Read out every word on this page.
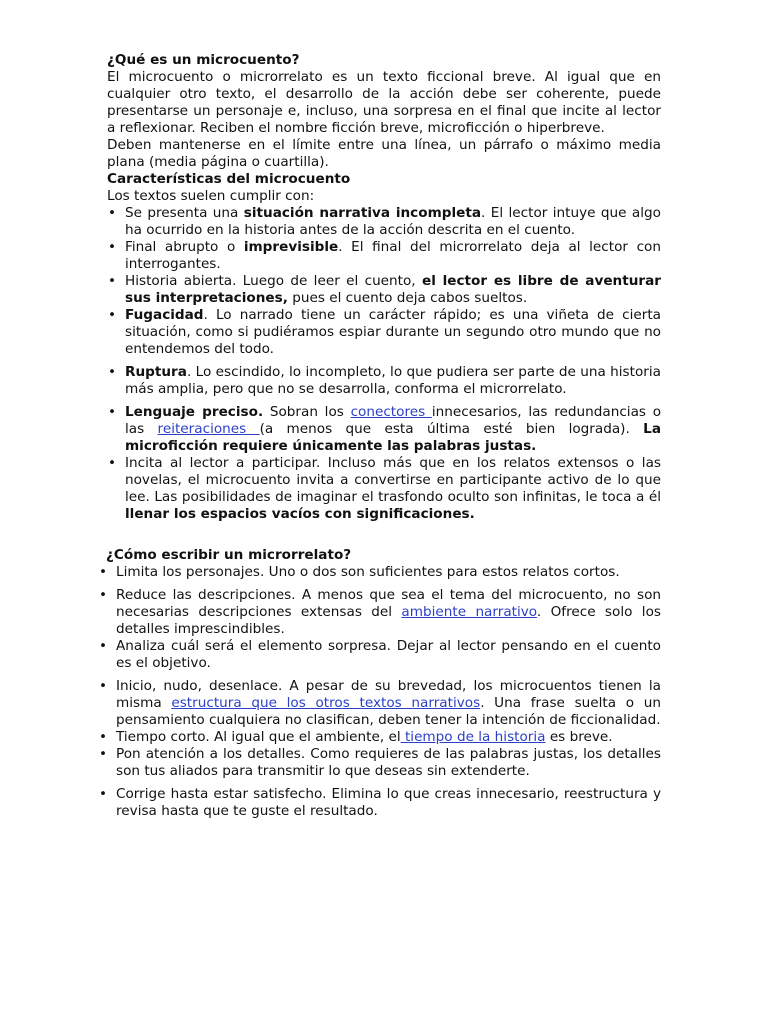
¿Qué es un microcuento?

El microcuento o microrrelato es un texto ficcional breve. Al igual que en cualquier otro texto, el desarrollo de la acción debe ser coherente, puede presentarse un personaje e, incluso, una sorpresa en el final que incite al lector a reflexionar. Reciben el nombre ficción breve, microficción o hiperbreve.

Deben mantenerse en el límite entre una línea, un párrafo o máximo media plana (media página o cuartilla).

Características del microcuento

Los textos suelen cumplir con:

• Se presenta una situación narrativa incompleta. El lector intuye que algo ha ocurrido en la historia antes de la acción descrita en el cuento.
• Final abrupto o imprevisible. El final del microrrelato deja al lector con interrogantes.
• Historia abierta. Luego de leer el cuento, el lector es libre de aventurar sus interpretaciones, pues el cuento deja cabos sueltos.
• Fugacidad. Lo narrado tiene un carácter rápido; es una viñeta de cierta situación, como si pudiéramos espiar durante un segundo otro mundo que no entendemos del todo.
• Ruptura. Lo escindido, lo incompleto, lo que pudiera ser parte de una historia más amplia, pero que no se desarrolla, conforma el microrrelato.
• Lenguaje preciso. Sobran los conectores innecesarios, las redundancias o las reiteraciones (a menos que esta última esté bien lograda). La microficción requiere únicamente las palabras justas.
• Incita al lector a participar. Incluso más que en los relatos extensos o las novelas, el microcuento invita a convertirse en participante activo de lo que lee. Las posibilidades de imaginar el trasfondo oculto son infinitas, le toca a él llenar los espacios vacíos con significaciones.

¿Cómo escribir un microrrelato?

• Limita los personajes. Uno o dos son suficientes para estos relatos cortos.
• Reduce las descripciones. A menos que sea el tema del microcuento, no son necesarias descripciones extensas del ambiente narrativo. Ofrece solo los detalles imprescindibles.
• Analiza cuál será el elemento sorpresa. Dejar al lector pensando en el cuento es el objetivo.
• Inicio, nudo, desenlace. A pesar de su brevedad, los microcuentos tienen la misma estructura que los otros textos narrativos. Una frase suelta o un pensamiento cualquiera no clasifican, deben tener la intención de ficcionalidad.
• Tiempo corto. Al igual que el ambiente, el tiempo de la historia es breve.
• Pon atención a los detalles. Como requieres de las palabras justas, los detalles son tus aliados para transmitir lo que deseas sin extenderte.
• Corrige hasta estar satisfecho. Elimina lo que creas innecesario, reestructura y revisa hasta que te guste el resultado.
